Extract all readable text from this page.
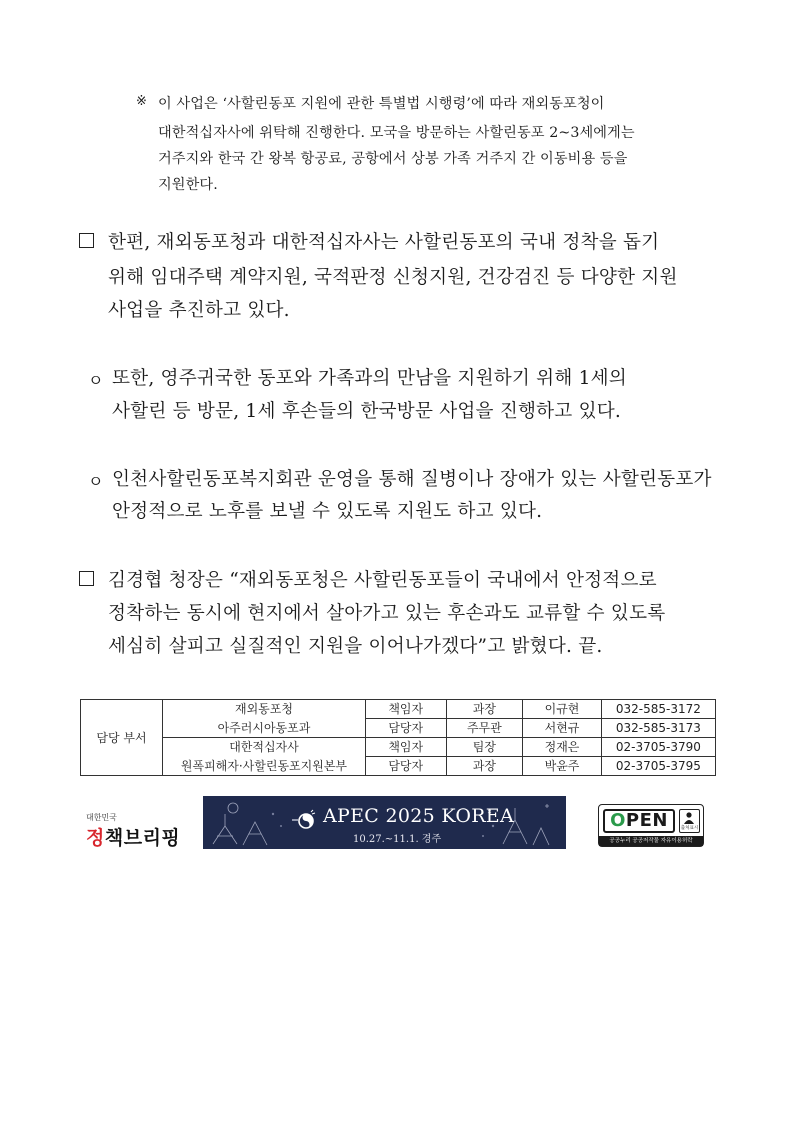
※ 이 사업은 ‘사할린동포 지원에 관한 특별법 시행령’에 따라 재외동포청이
대한적십자사에 위탁해 진행한다. 모국을 방문하는 사할린동포 2~3세에게는
거주지와 한국 간 왕복 항공료, 공항에서 상봉 가족 거주지 간 이동비용 등을
지원한다.
한편, 재외동포청과 대한적십자사는 사할린동포의 국내 정착을 돕기
위해 임대주택 계약지원, 국적판정 신청지원, 건강검진 등 다양한 지원
사업을 추진하고 있다.
ㅇ 또한, 영주귀국한 동포와 가족과의 만남을 지원하기 위해 1세의
사할린 등 방문, 1세 후손들의 한국방문 사업을 진행하고 있다.
ㅇ 인천사할린동포복지회관 운영을 통해 질병이나 장애가 있는 사할린동포가
안정적으로 노후를 보낼 수 있도록 지원도 하고 있다.
김경협 청장은 “재외동포청은 사할린동포들이 국내에서 안정적으로
정착하는 동시에 현지에서 살아가고 있는 후손과도 교류할 수 있도록
세심히 살피고 실질적인 지원을 이어나가겠다”고 밝혔다. 끝.
담당 부서	재외동포청	책임자	과장	이규현	032-585-3172
	아주러시아동포과	담당자	주무관	서현규	032-585-3173
	대한적십자사	책임자	팀장	정재은	02-3705-3790
	원폭피해자·사할린동포지원본부	담당자	과장	박윤주	02-3705-3795
대한민국
정책브리핑
APEC 2025 KOREA
10.27.~11.1. 경주
OPEN	출처표시
공공누리 공공저작물 자유이용허락
